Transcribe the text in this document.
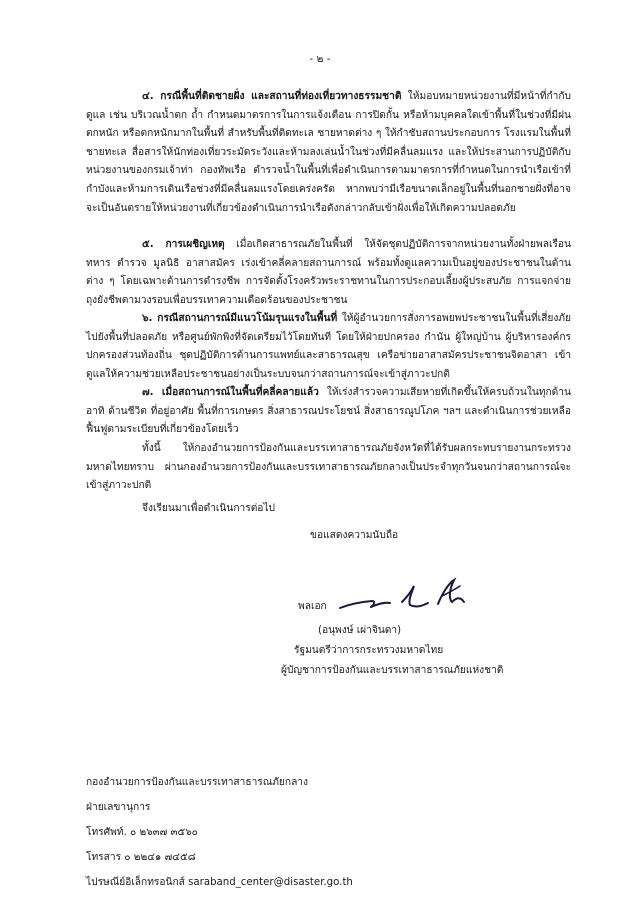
- ๒ -

๔. กรณีพื้นที่ติดชายฝั่ง และสถานที่ท่องเที่ยวทางธรรมชาติ ให้มอบหมายหน่วยงานที่มีหน้าที่กำกับดูแล เช่น บริเวณน้ำตก ถ้ำ กำหนดมาตรการในการแจ้งเตือน การปิดกั้น หรือห้ามบุคคลใดเข้าพื้นที่ในช่วงที่มีฝนตกหนัก หรือตกหนักมากในพื้นที่ สำหรับพื้นที่ติดทะเล ชายหาดต่าง ๆ ให้กำชับสถานประกอบการ โรงแรมในพื้นที่ชายทะเล สื่อสารให้นักท่องเที่ยวระมัดระวังและห้ามลงเล่นน้ำในช่วงที่มีคลื่นลมแรง และให้ประสานการปฏิบัติกับหน่วยงานของกรมเจ้าท่า กองทัพเรือ ตำรวจน้ำในพื้นที่เพื่อดำเนินการตามมาตรการที่กำหนดในการนำเรือเข้าที่กำบังและห้ามการเดินเรือช่วงที่มีคลื่นลมแรงโดยเคร่งครัด หากพบว่ามีเรือขนาดเล็กอยู่ในพื้นที่นอกชายฝั่งที่อาจจะเป็นอันตรายให้หน่วยงานที่เกี่ยวข้องดำเนินการนำเรือดังกล่าวกลับเข้าฝั่งเพื่อให้เกิดความปลอดภัย

๕. การเผชิญเหตุ เมื่อเกิดสาธารณภัยในพื้นที่ ให้จัดชุดปฏิบัติการจากหน่วยงานทั้งฝ่ายพลเรือน ทหาร ตำรวจ มูลนิธิ อาสาสมัคร เร่งเข้าคลี่คลายสถานการณ์ พร้อมทั้งดูแลความเป็นอยู่ของประชาชนในด้านต่าง ๆ โดยเฉพาะด้านการดำรงชีพ การจัดตั้งโรงครัวพระราชทานในการประกอบเลี้ยงผู้ประสบภัย การแจกจ่ายถุงยังชีพตามวงรอบเพื่อบรรเทาความเดือดร้อนของประชาชน

๖. กรณีสถานการณ์มีแนวโน้มรุนแรงในพื้นที่ ให้ผู้อำนวยการสั่งการอพยพประชาชนในพื้นที่เสี่ยงภัยไปยังพื้นที่ปลอดภัย หรือศูนย์พักพิงที่จัดเตรียมไว้โดยทันที โดยให้ฝ่ายปกครอง กำนัน ผู้ใหญ่บ้าน ผู้บริหารองค์กรปกครองส่วนท้องถิ่น ชุดปฏิบัติการด้านการแพทย์และสาธารณสุข เครือข่ายอาสาสมัครประชาชนจิตอาสา เข้าดูแลให้ความช่วยเหลือประชาชนอย่างเป็นระบบจนกว่าสถานการณ์จะเข้าสู่ภาวะปกติ

๗. เมื่อสถานการณ์ในพื้นที่คลี่คลายแล้ว ให้เร่งสำรวจความเสียหายที่เกิดขึ้นให้ครบถ้วนในทุกด้าน อาทิ ด้านชีวิต ที่อยู่อาศัย พื้นที่การเกษตร สิ่งสาธารณประโยชน์ สิ่งสาธารณูปโภค ฯลฯ และดำเนินการช่วยเหลือฟื้นฟูตามระเบียบที่เกี่ยวข้องโดยเร็ว

ทั้งนี้ ให้กองอำนวยการป้องกันและบรรเทาสาธารณภัยจังหวัดที่ได้รับผลกระทบรายงานกระทรวงมหาดไทยทราบ ผ่านกองอำนวยการป้องกันและบรรเทาสาธารณภัยกลางเป็นประจำทุกวันจนกว่าสถานการณ์จะเข้าสู่ภาวะปกติ

จึงเรียนมาเพื่อดำเนินการต่อไป
ขอแสดงความนับถือ
พลเอก
(อนุพงษ์ เผ่าจินดา)
รัฐมนตรีว่าการกระทรวงมหาดไทย
ผู้บัญชาการป้องกันและบรรเทาสาธารณภัยแห่งชาติ
กองอำนวยการป้องกันและบรรเทาสาธารณภัยกลาง
ฝ่ายเลขานุการ
โทรศัพท์. ๐ ๒๖๓๗ ๓๕๖๐
โทรสาร ๐ ๒๒๔๑ ๗๔๕๘
ไปรษณีย์อิเล็กทรอนิกส์ saraband_center@disaster.go.th
